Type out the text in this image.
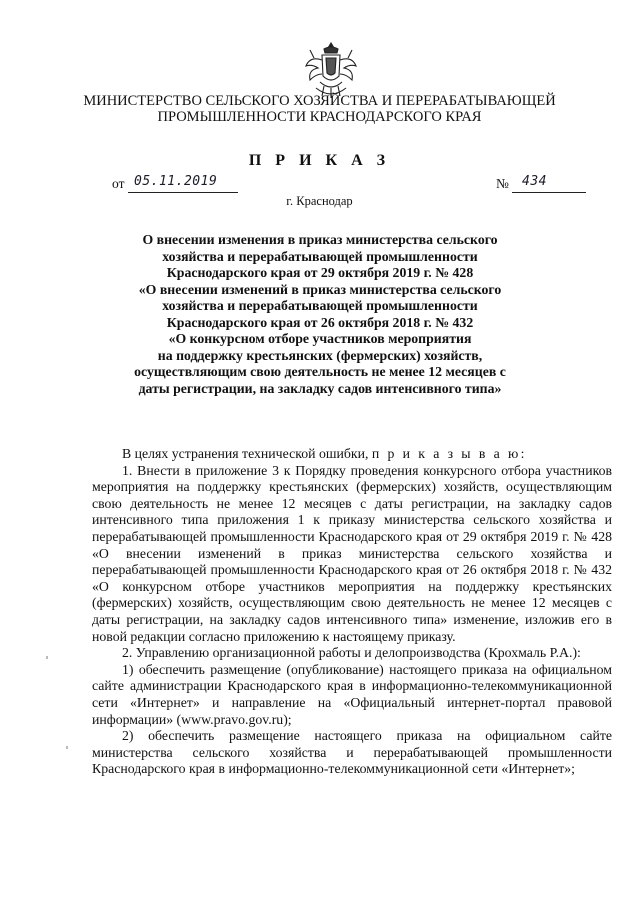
МИНИСТЕРСТВО СЕЛЬСКОГО ХОЗЯЙСТВА И ПЕРЕРАБАТЫВАЮЩЕЙ
ПРОМЫШЛЕННОСТИ КРАСНОДАРСКОГО КРАЯ
П Р И К А З
от 05.11.2019	№ 434
г. Краснодар
О внесении изменения в приказ министерства сельского
хозяйства и перерабатывающей промышленности
Краснодарского края от 29 октября 2019 г. № 428
«О внесении изменений в приказ министерства сельского
хозяйства и перерабатывающей промышленности
Краснодарского края от 26 октября 2018 г. № 432
«О конкурсном отборе участников мероприятия
на поддержку крестьянских (фермерских) хозяйств,
осуществляющим свою деятельность не менее 12 месяцев с
даты регистрации, на закладку садов интенсивного типа»

В целях устранения технической ошибки, п р и к а з ы в а ю:

1. Внести в приложение 3 к Порядку проведения конкурсного отбора участников мероприятия на поддержку крестьянских (фермерских) хозяйств, осуществляющим свою деятельность не менее 12 месяцев с даты регистрации, на закладку садов интенсивного типа приложения 1 к приказу министерства сельского хозяйства и перерабатывающей промышленности Краснодарского края от 29 октября 2019 г. № 428 «О внесении изменений в приказ министерства сельского хозяйства и перерабатывающей промышленности Краснодарского края от 26 октября 2018 г. № 432 «О конкурсном отборе участников мероприятия на поддержку крестьянских (фермерских) хозяйств, осуществляющим свою деятельность не менее 12 месяцев с даты регистрации, на закладку садов интенсивного типа» изменение, изложив его в новой редакции согласно приложению к настоящему приказу.

2. Управлению организационной работы и делопроизводства (Крохмаль Р.А.):

1) обеспечить размещение (опубликование) настоящего приказа на официальном сайте администрации Краснодарского края в информационно-телекоммуникационной сети «Интернет» и направление на «Официальный интернет-портал правовой информации» (www.pravo.gov.ru);

2) обеспечить размещение настоящего приказа на официальном сайте министерства сельского хозяйства и перерабатывающей промышленности Краснодарского края в информационно-телекоммуникационной сети «Интернет»;
